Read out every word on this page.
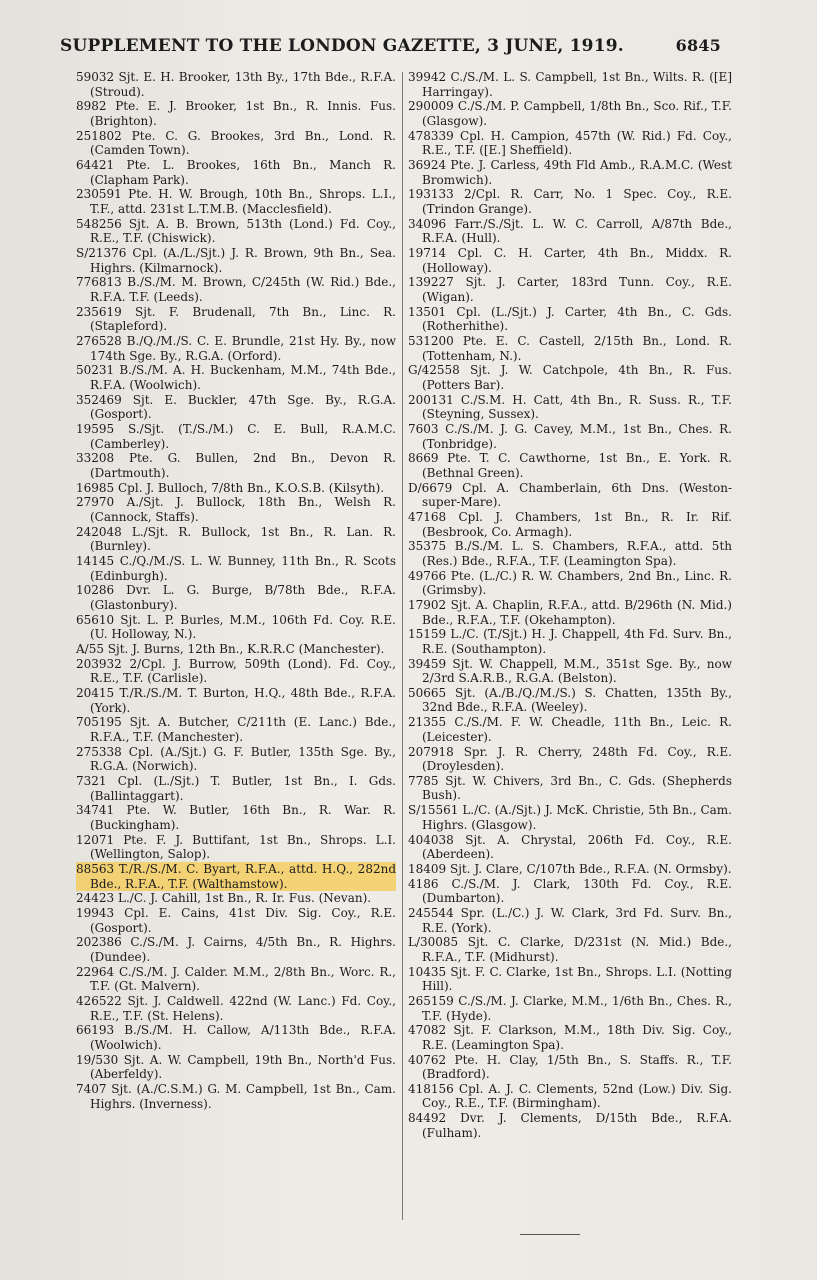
SUPPLEMENT TO THE LONDON GAZETTE, 3 JUNE, 1919.	6845
59032 Sjt. E. H. Brooker, 13th By., 17th Bde., R.F.A. (Stroud).
8982 Pte. E. J. Brooker, 1st Bn., R. Innis. Fus. (Brighton).
251802 Pte. C. G. Brookes, 3rd Bn., Lond. R. (Camden Town).
64421 Pte. L. Brookes, 16th Bn., Manch R. (Clapham Park).
230591 Pte. H. W. Brough, 10th Bn., Shrops. L.I., T.F., attd. 231st L.T.M.B. (Macclesfield).
548256 Sjt. A. B. Brown, 513th (Lond.) Fd. Coy., R.E., T.F. (Chiswick).
S/21376 Cpl. (A./L./Sjt.) J. R. Brown, 9th Bn., Sea. Highrs. (Kilmarnock).
776813 B./S./M. M. Brown, C/245th (W. Rid.) Bde., R.F.A. T.F. (Leeds).
235619 Sjt. F. Brudenall, 7th Bn., Linc. R. (Stapleford).
276528 B./Q./M./S. C. E. Brundle, 21st Hy. By., now 174th Sge. By., R.G.A. (Orford).
50231 B./S./M. A. H. Buckenham, M.M., 74th Bde., R.F.A. (Woolwich).
352469 Sjt. E. Buckler, 47th Sge. By., R.G.A. (Gosport).
19595 S./Sjt. (T./S./M.) C. E. Bull, R.A.M.C. (Camberley).
33208 Pte. G. Bullen, 2nd Bn., Devon R. (Dartmouth).
16985 Cpl. J. Bulloch, 7/8th Bn., K.O.S.B. (Kilsyth).
27970 A./Sjt. J. Bullock, 18th Bn., Welsh R. (Cannock, Staffs).
242048 L./Sjt. R. Bullock, 1st Bn., R. Lan. R. (Burnley).
14145 C./Q./M./S. L. W. Bunney, 11th Bn., R. Scots (Edinburgh).
10286 Dvr. L. G. Burge, B/78th Bde., R.F.A. (Glastonbury).
65610 Sjt. L. P. Burles, M.M., 106th Fd. Coy. R.E. (U. Holloway, N.).
A/55 Sjt. J. Burns, 12th Bn., K.R.R.C (Manchester).
203932 2/Cpl. J. Burrow, 509th (Lond). Fd. Coy., R.E., T.F. (Carlisle).
20415 T./R./S./M. T. Burton, H.Q., 48th Bde., R.F.A. (York).
705195 Sjt. A. Butcher, C/211th (E. Lanc.) Bde., R.F.A., T.F. (Manchester).
275338 Cpl. (A./Sjt.) G. F. Butler, 135th Sge. By., R.G.A. (Norwich).
7321 Cpl. (L./Sjt.) T. Butler, 1st Bn., I. Gds. (Ballintaggart).
34741 Pte. W. Butler, 16th Bn., R. War. R. (Buckingham).
12071 Pte. F. J. Buttifant, 1st Bn., Shrops. L.I. (Wellington, Salop).
88563 T./R./S./M. C. Byart, R.F.A., attd. H.Q., 282nd Bde., R.F.A., T.F. (Walthamstow).
24423 L./C. J. Cahill, 1st Bn., R. Ir. Fus. (Nevan).
19943 Cpl. E. Cains, 41st Div. Sig. Coy., R.E. (Gosport).
202386 C./S./M. J. Cairns, 4/5th Bn., R. Highrs. (Dundee).
22964 C./S./M. J. Calder. M.M., 2/8th Bn., Worc. R., T.F. (Gt. Malvern).
426522 Sjt. J. Caldwell. 422nd (W. Lanc.) Fd. Coy., R.E., T.F. (St. Helens).
66193 B./S./M. H. Callow, A/113th Bde., R.F.A. (Woolwich).
19/530 Sjt. A. W. Campbell, 19th Bn., North'd Fus. (Aberfeldy).
7407 Sjt. (A./C.S.M.) G. M. Campbell, 1st Bn., Cam. Highrs. (Inverness).
39942 C./S./M. L. S. Campbell, 1st Bn., Wilts. R. ([E] Harringay).
290009 C./S./M. P. Campbell, 1/8th Bn., Sco. Rif., T.F. (Glasgow).
478339 Cpl. H. Campion, 457th (W. Rid.) Fd. Coy., R.E., T.F. ([E.] Sheffield).
36924 Pte. J. Carless, 49th Fld Amb., R.A.M.C. (West Bromwich).
193133 2/Cpl. R. Carr, No. 1 Spec. Coy., R.E. (Trindon Grange).
34096 Farr./S./Sjt. L. W. C. Carroll, A/87th Bde., R.F.A. (Hull).
19714 Cpl. C. H. Carter, 4th Bn., Middx. R. (Holloway).
139227 Sjt. J. Carter, 183rd Tunn. Coy., R.E. (Wigan).
13501 Cpl. (L./Sjt.) J. Carter, 4th Bn., C. Gds. (Rotherhithe).
531200 Pte. E. C. Castell, 2/15th Bn., Lond. R. (Tottenham, N.).
G/42558 Sjt. J. W. Catchpole, 4th Bn., R. Fus. (Potters Bar).
200131 C./S.M. H. Catt, 4th Bn., R. Suss. R., T.F. (Steyning, Sussex).
7603 C./S./M. J. G. Cavey, M.M., 1st Bn., Ches. R. (Tonbridge).
8669 Pte. T. C. Cawthorne, 1st Bn., E. York. R. (Bethnal Green).
D/6679 Cpl. A. Chamberlain, 6th Dns. (Weston-super-Mare).
47168 Cpl. J. Chambers, 1st Bn., R. Ir. Rif. (Besbrook, Co. Armagh).
35375 B./S./M. L. S. Chambers, R.F.A., attd. 5th (Res.) Bde., R.F.A., T.F. (Leamington Spa).
49766 Pte. (L./C.) R. W. Chambers, 2nd Bn., Linc. R. (Grimsby).
17902 Sjt. A. Chaplin, R.F.A., attd. B/296th (N. Mid.) Bde., R.F.A., T.F. (Okehampton).
15159 L./C. (T./Sjt.) H. J. Chappell, 4th Fd. Surv. Bn., R.E. (Southampton).
39459 Sjt. W. Chappell, M.M., 351st Sge. By., now 2/3rd S.A.R.B., R.G.A. (Belston).
50665 Sjt. (A./B./Q./M./S.) S. Chatten, 135th By., 32nd Bde., R.F.A. (Weeley).
21355 C./S./M. F. W. Cheadle, 11th Bn., Leic. R. (Leicester).
207918 Spr. J. R. Cherry, 248th Fd. Coy., R.E. (Droylesden).
7785 Sjt. W. Chivers, 3rd Bn., C. Gds. (Shepherds Bush).
S/15561 L./C. (A./Sjt.) J. McK. Christie, 5th Bn., Cam. Highrs. (Glasgow).
404038 Sjt. A. Chrystal, 206th Fd. Coy., R.E. (Aberdeen).
18409 Sjt. J. Clare, C/107th Bde., R.F.A. (N. Ormsby).
4186 C./S./M. J. Clark, 130th Fd. Coy., R.E. (Dumbarton).
245544 Spr. (L./C.) J. W. Clark, 3rd Fd. Surv. Bn., R.E. (York).
L/30085 Sjt. C. Clarke, D/231st (N. Mid.) Bde., R.F.A., T.F. (Midhurst).
10435 Sjt. F. C. Clarke, 1st Bn., Shrops. L.I. (Notting Hill).
265159 C./S./M. J. Clarke, M.M., 1/6th Bn., Ches. R., T.F. (Hyde).
47082 Sjt. F. Clarkson, M.M., 18th Div. Sig. Coy., R.E. (Leamington Spa).
40762 Pte. H. Clay, 1/5th Bn., S. Staffs. R., T.F. (Bradford).
418156 Cpl. A. J. C. Clements, 52nd (Low.) Div. Sig. Coy., R.E., T.F. (Birmingham).
84492 Dvr. J. Clements, D/15th Bde., R.F.A. (Fulham).
